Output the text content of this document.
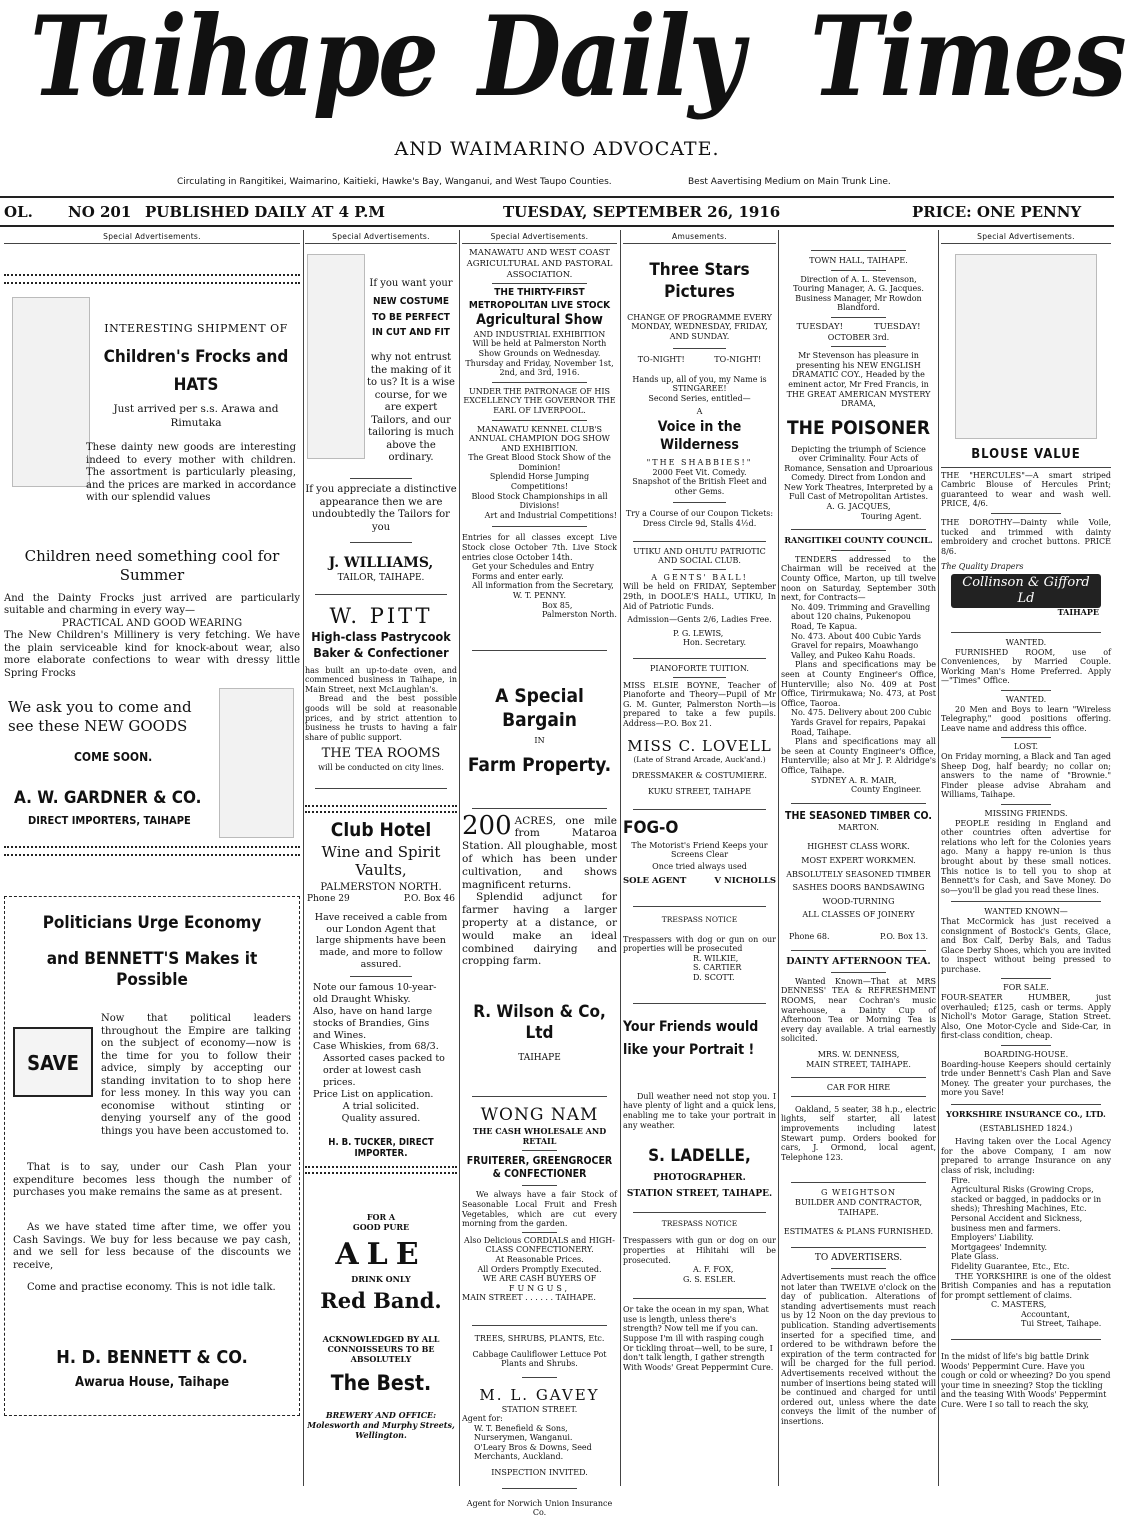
Taihape Daily Times
AND WAIMARINO ADVOCATE.
Circulating in Rangitikei, Waimarino, Kaitieki, Hawke's Bay, Wanganui, and West Taupo Counties.	Best Aavertising Medium on Main Trunk Line.
OL. NO 201 PUBLISHED DAILY AT 4 P.M	TUESDAY, SEPTEMBER 26, 1916	PRICE: ONE PENNY
Special Advertisements.
INTERESTING SHIPMENT OF
Children's Frocks and
HATS
Just arrived per s.s. Arawa and Rimutaka
These dainty new goods are interesting indeed to every mother with children. The assortment is particularly pleasing, and the prices are marked in accordance with our splendid values
Children need something cool for Summer
And the Dainty Frocks just arrived are particularly suitable and charming in every way—
PRACTICAL AND GOOD WEARING
The New Children's Millinery is very fetching. We have the plain serviceable kind for knock-about wear, also more elaborate confections to wear with dressy little Spring Frocks
We ask you to come and see these NEW GOODS
COME SOON.
A. W. GARDNER & CO.
DIRECT IMPORTERS, TAIHAPE
Politicians Urge Economy
and BENNETT'S Makes it Possible
SAVE
Now that political leaders throughout the Empire are talking on the subject of economy—now is the time for you to follow their advice, simply by accepting our standing invitation to to shop here for less money. In this way you can economise without stinting or denying yourself any of the good things you have been accustomed to.
That is to say, under our Cash Plan your expenditure becomes less though the number of purchases you make remains the same as at present.
As we have stated time after time, we offer you Cash Savings. We buy for less because we pay cash, and we sell for less because of the discounts we receive,
Come and practise economy. This is not idle talk.
H. D. BENNETT & CO.
Awarua House, Taihape
Special Advertisements.
If you want your
NEW COSTUME TO BE PERFECT IN CUT AND FIT
why not entrust the making of it to us? It is a wise course, for we are expert Tailors, and our tailoring is much above the ordinary.
If you appreciate a distinctive appearance then we are undoubtedly the Tailors for you
J. WILLIAMS,
TAILOR, TAIHAPE.
W. PITT
High-class Pastrycook Baker & Confectioner
has built an up-to-date oven, and commenced business in Taihape, in Main Street, next McLaughlan's.
Bread and the best possible goods will be sold at reasonable prices, and by strict attention to business he trusts to having a fair share of public support.
THE TEA ROOMS
will be conducted on city lines.
Club Hotel
Wine and Spirit Vaults,
PALMERSTON NORTH.
Phone 29	P.O. Box 46
Have received a cable from our London Agent that large shipments have been made, and more to follow assured.
Note our famous 10-year-old Draught Whisky.
Also, have on hand large stocks of Brandies, Gins and Wines.
Case Whiskies, from 68/3.
Assorted cases packed to order at lowest cash prices.
Price List on application.
A trial solicited. Quality assured.
H. B. TUCKER, DIRECT IMPORTER.
FOR A
GOOD PURE
ALE
DRINK ONLY
Red Band.
ACKNOWLEDGED BY ALL CONNOISSEURS TO BE ABSOLUTELY
The Best.
BREWERY AND OFFICE:
Molesworth and Murphy Streets, Wellington.
Special Advertisements.
MANAWATU AND WEST COAST AGRICULTURAL AND PASTORAL ASSOCIATION.
THE THIRTY-FIRST METROPOLITAN LIVE STOCK
Agricultural Show
AND INDUSTRIAL EXHIBITION
Will be held at Palmerston North Show Grounds on Wednesday. Thursday and Friday, November 1st, 2nd, and 3rd, 1916.
UNDER THE PATRONAGE OF HIS EXCELLENCY THE GOVERNOR THE EARL OF LIVERPOOL.
MANAWATU KENNEL CLUB'S ANNUAL CHAMPION DOG SHOW AND EXHIBITION.
The Great Blood Stock Show of the Dominion!
Splendid Horse Jumping Competitions!
Blood Stock Championships in all Divisions!
Art and Industrial Competitions!
Entries for all classes except Live Stock close October 7th. Live Stock entries close October 14th.
Get your Schedules and Entry Forms and enter early.
All information from the Secretary,
W. T. PENNY.
Box 85,
Palmerston North.
A Special Bargain
IN
Farm Property.
200 ACRES, one mile from Mataroa Station. All ploughable, most of which has been under cultivation, and shows magnificent returns.
Splendid adjunct for farmer having a larger property at a distance, or would make an ideal combined dairying and cropping farm.
R. Wilson & Co, Ltd
TAIHAPE
WONG NAM
THE CASH WHOLESALE AND RETAIL
FRUITERER, GREENGROCER & CONFECTIONER
We always have a fair Stock of Seasonable Local Fruit and Fresh Vegetables, which are cut every morning from the garden.
Also Delicious CORDIALS and HIGH-CLASS CONFECTIONERY.
At Reasonable Prices.
All Orders Promptly Executed.
WE ARE CASH BUYERS OF
FUNGUS,
MAIN STREET . . . . . . TAIHAPE.
TREES, SHRUBS, PLANTS, Etc.
Cabbage Cauliflower Lettuce Pot Plants and Shrubs.
M. L. GAVEY
STATION STREET.
Agent for:
W. T. Benefield & Sons, Nurserymen, Wanganui.
O'Leary Bros & Downs, Seed Merchants, Auckland.
INSPECTION INVITED.
Agent for Norwich Union Insurance Co.
Amusements.
Three Stars Pictures
CHANGE OF PROGRAMME EVERY MONDAY, WEDNESDAY, FRIDAY, AND SUNDAY.
TO-NIGHT!	TO-NIGHT!
Hands up, all of you, my Name is STINGAREE!
Second Series, entitled—
A
Voice in the Wilderness
"THE SHABBIES!"
2000 Feet Vit. Comedy.
Snapshot of the British Fleet and other Gems.
Try a Course of our Coupon Tickets: Dress Circle 9d, Stalls 4½d.
UTIKU AND OHUTU PATRIOTIC AND SOCIAL CLUB.
A GENTS' BALL!
Will be held on FRIDAY, September 29th, in DOOLE'S HALL, UTIKU, In Aid of Patriotic Funds.
Admission—Gents 2/6, Ladies Free.
P. G. LEWIS,
Hon. Secretary.
PIANOFORTE TUITION.
MISS ELSIE BOYNE, Teacher of Pianoforte and Theory—Pupil of Mr G. M. Gunter, Palmerston North—is prepared to take a few pupils. Address—P.O. Box 21.
MISS C. LOVELL
(Late of Strand Arcade, Auck'and.)
DRESSMAKER & COSTUMIERE.
KUKU STREET, TAIHAPE
FOG-O
The Motorist's Friend Keeps your Screens Clear
Once tried always used
SOLE AGENT	V NICHOLLS
TRESPASS NOTICE
Trespassers with dog or gun on our properties will be prosecuted
R. WILKIE,
S. CARTIER
D. SCOTT.
Your Friends would like your Portrait !
Dull weather need not stop you. I have plenty of light and a quick lens, enabling me to take your portrait in any weather.
S. LADELLE,
PHOTOGRAPHER.
STATION STREET, TAIHAPE.
TRESPASS NOTICE
Trespassers with gun or dog on our properties at Hihitahi will be prosecuted.
A. F. FOX,
G. S. ESLER.
Or take the ocean in my span, What use is length, unless there's strength? Now tell me if you can. Suppose I'm ill with rasping cough Or tickling throat—well, to be sure, I don't talk length, I gather strength With Woods' Great Peppermint Cure.
TOWN HALL, TAIHAPE.
Direction of A. L. Stevenson,
Touring Manager, A. G. Jacques.
Business Manager, Mr Rowdon Blandford.
TUESDAY!	TUESDAY!
OCTOBER 3rd.
Mr Stevenson has pleasure in presenting his NEW ENGLISH DRAMATIC COY., Headed by the eminent actor, Mr Fred Francis, in THE GREAT AMERICAN MYSTERY DRAMA,
THE POISONER
Depicting the triumph of Science over Criminality. Four Acts of Romance, Sensation and Uproarious Comedy. Direct from London and New York Theatres, Interpreted by a Full Cast of Metropolitan Artistes.
A. G. JACQUES,
Touring Agent.
RANGITIKEI COUNTY COUNCIL.
TENDERS addressed to the Chairman will be received at the County Office, Marton, up till twelve noon on Saturday, September 30th next, for Contracts—
No. 409. Trimming and Gravelling about 120 chains, Pukenopou Road, Te Kapua.
No. 473. About 400 Cubic Yards Gravel for repairs, Moawhango Valley, and Pukeo Kahu Roads.
Plans and specifications may be seen at County Engineer's Office, Hunterville; also No. 409 at Post Office, Tirirmukawa; No. 473, at Post Office, Taoroa.
No. 475. Delivery about 200 Cubic Yards Gravel for repairs, Papakai Road, Taihape.
Plans and specifications may all be seen at County Engineer's Office, Hunterville; also at Mr J. P. Aldridge's Office, Taihape.
SYDNEY A. R. MAIR,
County Engineer.
THE SEASONED TIMBER CO.
MARTON.
HIGHEST CLASS WORK.
MOST EXPERT WORKMEN.
ABSOLUTELY SEASONED TIMBER
SASHES DOORS BANDSAWING
WOOD-TURNING
ALL CLASSES OF JOINERY
Phone 68.	P.O. Box 13.
DAINTY AFTERNOON TEA.
Wanted Known—That at MRS DENNESS' TEA & REFRESHMENT ROOMS, near Cochran's music warehouse, a Dainty Cup of Afternoon Tea or Morning Tea is every day available. A trial earnestly solicited.
MRS. W. DENNESS,
MAIN STREET, TAIHAPE.
CAR FOR HIRE
Oakland, 5 seater, 38 h.p., electric lights, self starter, all latest improvements including latest Stewart pump. Orders booked for cars, J. Ormond, local agent, Telephone 123.
G WEIGHTSON
BUILDER AND CONTRACTOR, TAIHAPE.
ESTIMATES & PLANS FURNISHED.
TO ADVERTISERS.
Advertisements must reach the office not later than TWELVE o'clock on the day of publication. Alterations of standing advertisements must reach us by 12 Noon on the day previous to publication. Standing advertisements inserted for a specified time, and ordered to be withdrawn before the expiration of the term contracted for will be charged for the full period. Advertisements received without the number of insertions being stated will be continued and charged for until ordered out, unless where the date conveys the limit of the number of insertions.
Special Advertisements.
BLOUSE VALUE
THE "HERCULES"—A smart striped Cambric Blouse of Hercules Print; guaranteed to wear and wash well. PRICE, 4/6.
THE DOROTHY—Dainty while Voile, tucked and trimmed with dainty embroidery and crochet buttons. PRICE 8/6.
The Quality Drapers
Collinson & Gifford Ld
TAIHAPE
WANTED.
FURNISHED ROOM, use of Conveniences, by Married Couple. Working Man's Home Preferred. Apply—"Times" Office.
WANTED.
20 Men and Boys to learn "Wireless Telegraphy," good positions offering. Leave name and address this office.
LOST.
On Friday morning, a Black and Tan aged Sheep Dog, half beardy; no collar on; answers to the name of "Brownie." Finder please advise Abraham and Williams, Taihape.
MISSING FRIENDS.
PEOPLE residing in England and other countries often advertise for relations who left for the Colonies years ago. Many a happy re-union is thus brought about by these small notices. This notice is to tell you to shop at Bennett's for Cash, and Save Money. Do so—you'll be glad you read these lines.
WANTED KNOWN—
That McCormick has just received a consignment of Bostock's Gents, Glace, and Box Calf, Derby Bals, and Tadus Glace Derby Shoes, which you are invited to inspect without being pressed to purchase.
FOR SALE.
FOUR-SEATER HUMBER, just overhauled; £125, cash or terms. Apply Nicholl's Motor Garage, Station Street. Also, One Motor-Cycle and Side-Car, in first-class condition, cheap.
BOARDING-HOUSE.
Boarding-house Keepers should certainly trde under Bennett's Cash Plan and Save Money. The greater your purchases, the more you Save!
YORKSHIRE INSURANCE CO., LTD.
(ESTABLISHED 1824.)
Having taken over the Local Agency for the above Company, I am now prepared to arrange Insurance on any class of risk, including:
Fire.
Agricultural Risks (Growing Crops, stacked or bagged, in paddocks or in sheds); Threshing Machines, Etc.
Personal Accident and Sickness, business men and farmers.
Employers' Liability.
Mortgagees' Indemnity.
Plate Glass.
Fidelity Guarantee, Etc., Etc.
THE YORKSHIRE is one of the oldest British Companies and has a reputation for prompt settlement of claims.
C. MASTERS,
Accountant,
Tui Street, Taihape.
In the midst of life's big battle Drink Woods' Peppermint Cure. Have you cough or cold or wheezing? Do you spend your time in sneezing? Stop the tickling and the teasing With Woods' Peppermint Cure. Were I so tall to reach the sky,
